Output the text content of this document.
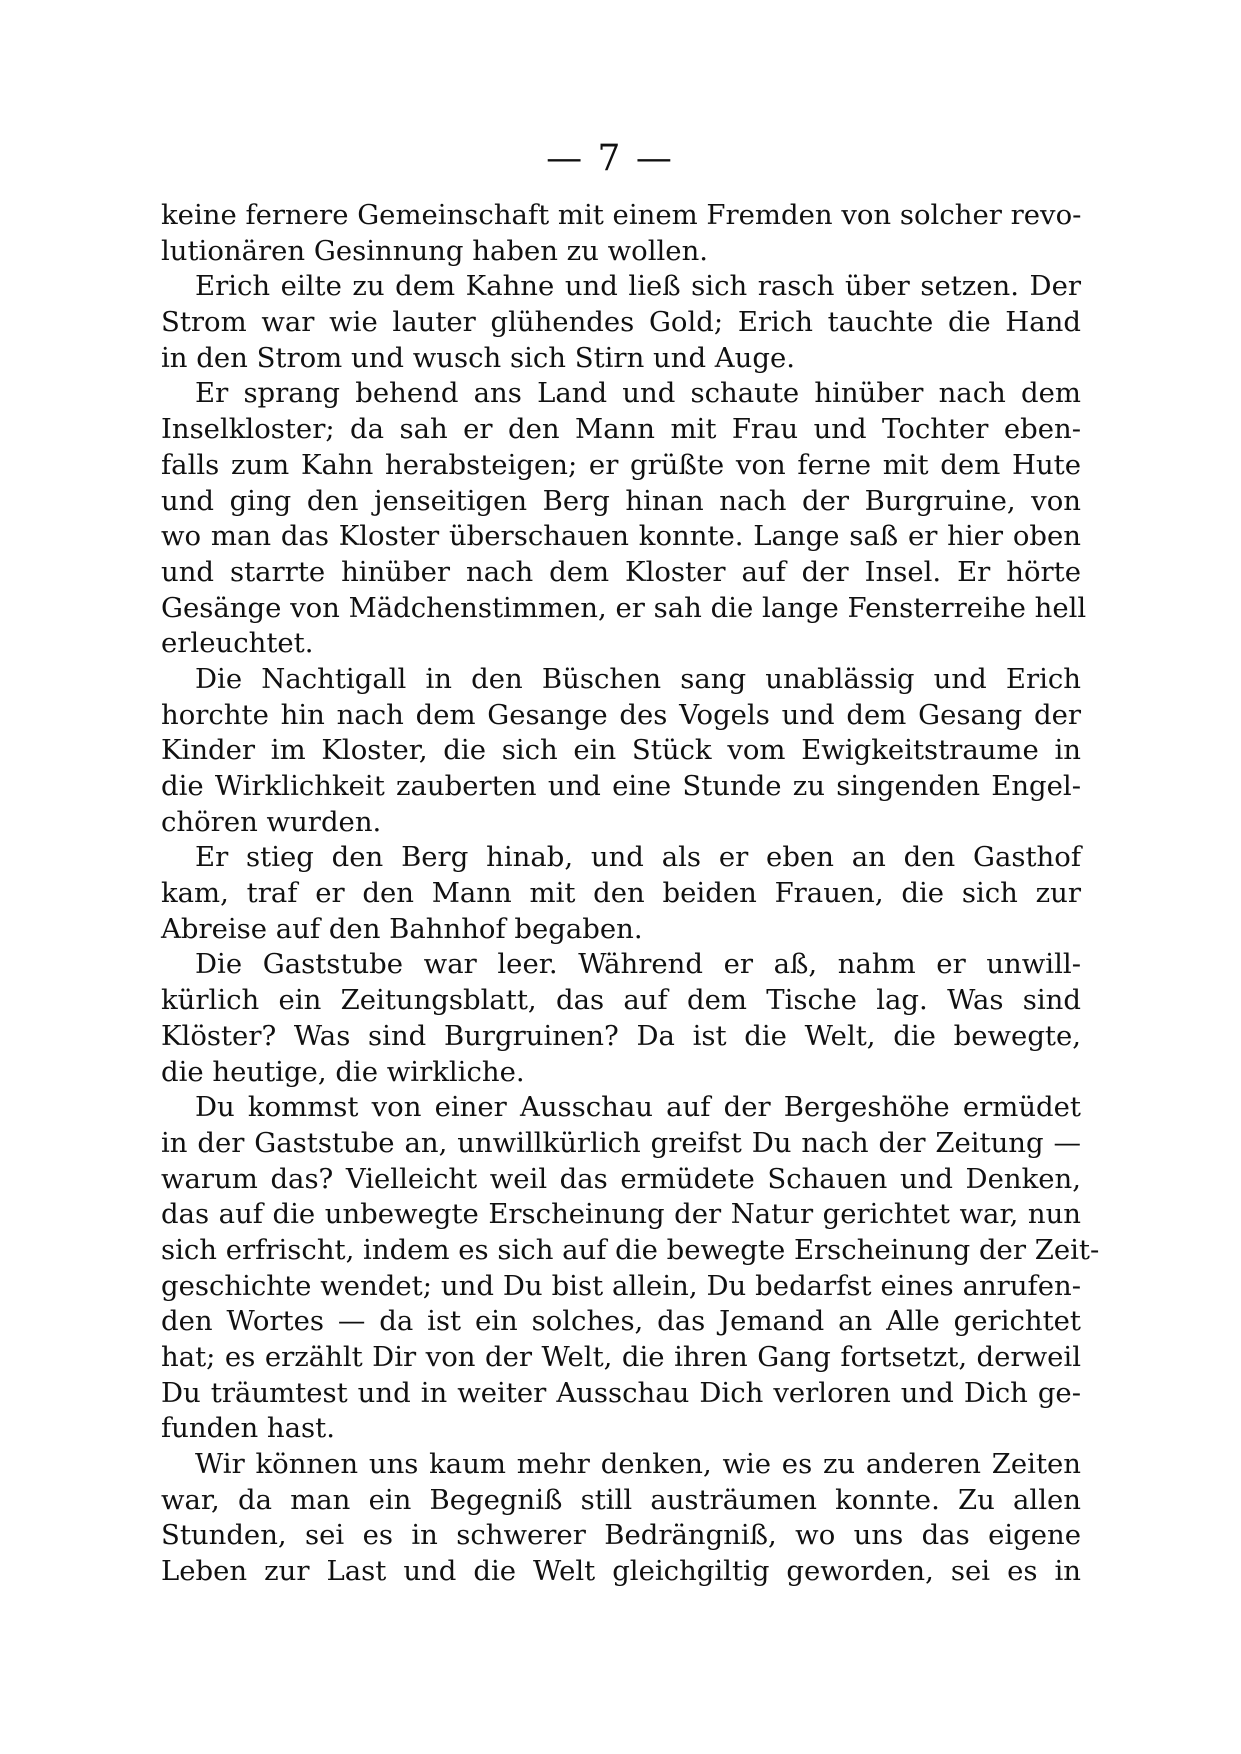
— 7 —
keine fernere Gemeinschaft mit einem Fremden von solcher revo-
lutionären Gesinnung haben zu wollen.
Erich eilte zu dem Kahne und ließ sich rasch über setzen. Der
Strom war wie lauter glühendes Gold; Erich tauchte die Hand
in den Strom und wusch sich Stirn und Auge.
Er sprang behend ans Land und schaute hinüber nach dem
Inselkloster; da sah er den Mann mit Frau und Tochter eben-
falls zum Kahn herabsteigen; er grüßte von ferne mit dem Hute
und ging den jenseitigen Berg hinan nach der Burgruine, von
wo man das Kloster überschauen konnte. Lange saß er hier oben
und starrte hinüber nach dem Kloster auf der Insel. Er hörte
Gesänge von Mädchenstimmen, er sah die lange Fensterreihe hell
erleuchtet.
Die Nachtigall in den Büschen sang unablässig und Erich
horchte hin nach dem Gesange des Vogels und dem Gesang der
Kinder im Kloster, die sich ein Stück vom Ewigkeitstraume in
die Wirklichkeit zauberten und eine Stunde zu singenden Engel-
chören wurden.
Er stieg den Berg hinab, und als er eben an den Gasthof
kam, traf er den Mann mit den beiden Frauen, die sich zur
Abreise auf den Bahnhof begaben.
Die Gaststube war leer. Während er aß, nahm er unwill-
kürlich ein Zeitungsblatt, das auf dem Tische lag. Was sind
Klöster? Was sind Burgruinen? Da ist die Welt, die bewegte,
die heutige, die wirkliche.
Du kommst von einer Ausschau auf der Bergeshöhe ermüdet
in der Gaststube an, unwillkürlich greifst Du nach der Zeitung —
warum das? Vielleicht weil das ermüdete Schauen und Denken,
das auf die unbewegte Erscheinung der Natur gerichtet war, nun
sich erfrischt, indem es sich auf die bewegte Erscheinung der Zeit-
geschichte wendet; und Du bist allein, Du bedarfst eines anrufen-
den Wortes — da ist ein solches, das Jemand an Alle gerichtet
hat; es erzählt Dir von der Welt, die ihren Gang fortsetzt, derweil
Du träumtest und in weiter Ausschau Dich verloren und Dich ge-
funden hast.
Wir können uns kaum mehr denken, wie es zu anderen Zeiten
war, da man ein Begegniß still austräumen konnte. Zu allen
Stunden, sei es in schwerer Bedrängniß, wo uns das eigene
Leben zur Last und die Welt gleichgiltig geworden, sei es in
